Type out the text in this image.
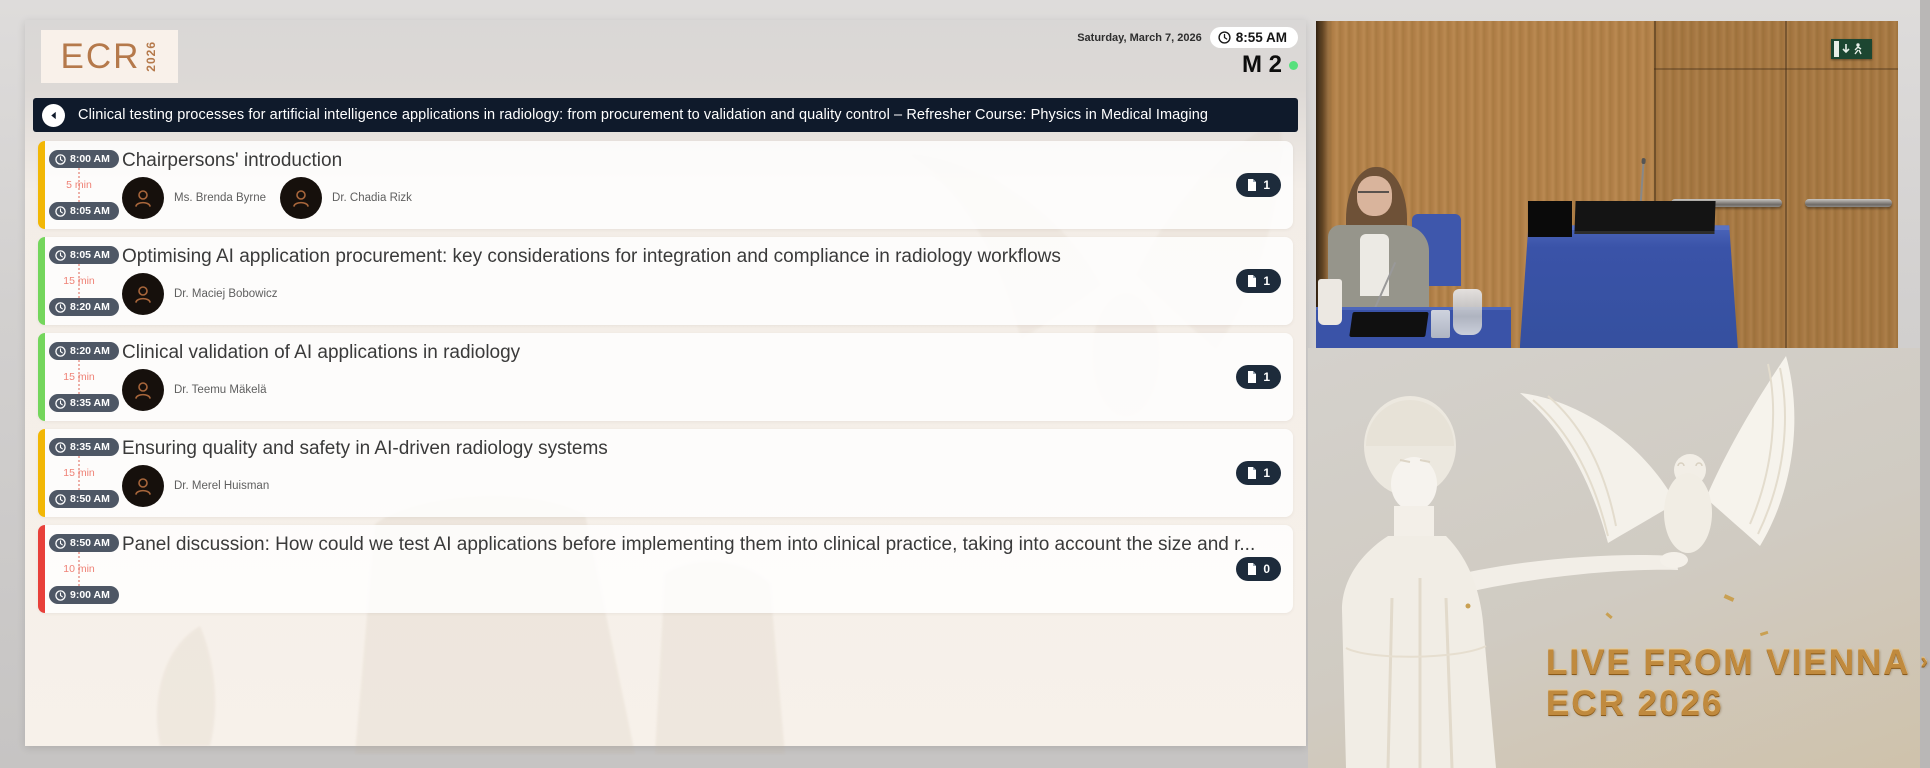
ECR 2026
Saturday, March 7, 2026	8:55 AM
M 2
Clinical testing processes for artificial intelligence applications in radiology: from procurement to validation and quality control – Refresher Course: Physics in Medical Imaging
8:00 AM
5 min
8:05 AM
Chairpersons' introduction
Ms. Brenda Byrne	Dr. Chadia Rizk
1
8:05 AM
15 min
8:20 AM
Optimising AI application procurement: key considerations for integration and compliance in radiology workflows
Dr. Maciej Bobowicz
1
8:20 AM
15 min
8:35 AM
Clinical validation of AI applications in radiology
Dr. Teemu Mäkelä
1
8:35 AM
15 min
8:50 AM
Ensuring quality and safety in AI-driven radiology systems
Dr. Merel Huisman
1
8:50 AM
10 min
9:00 AM
Panel discussion: How could we test AI applications before implementing them into clinical practice, taking into account the size and r...
0
LIVE FROM VIENNA ›
ECR 2026
